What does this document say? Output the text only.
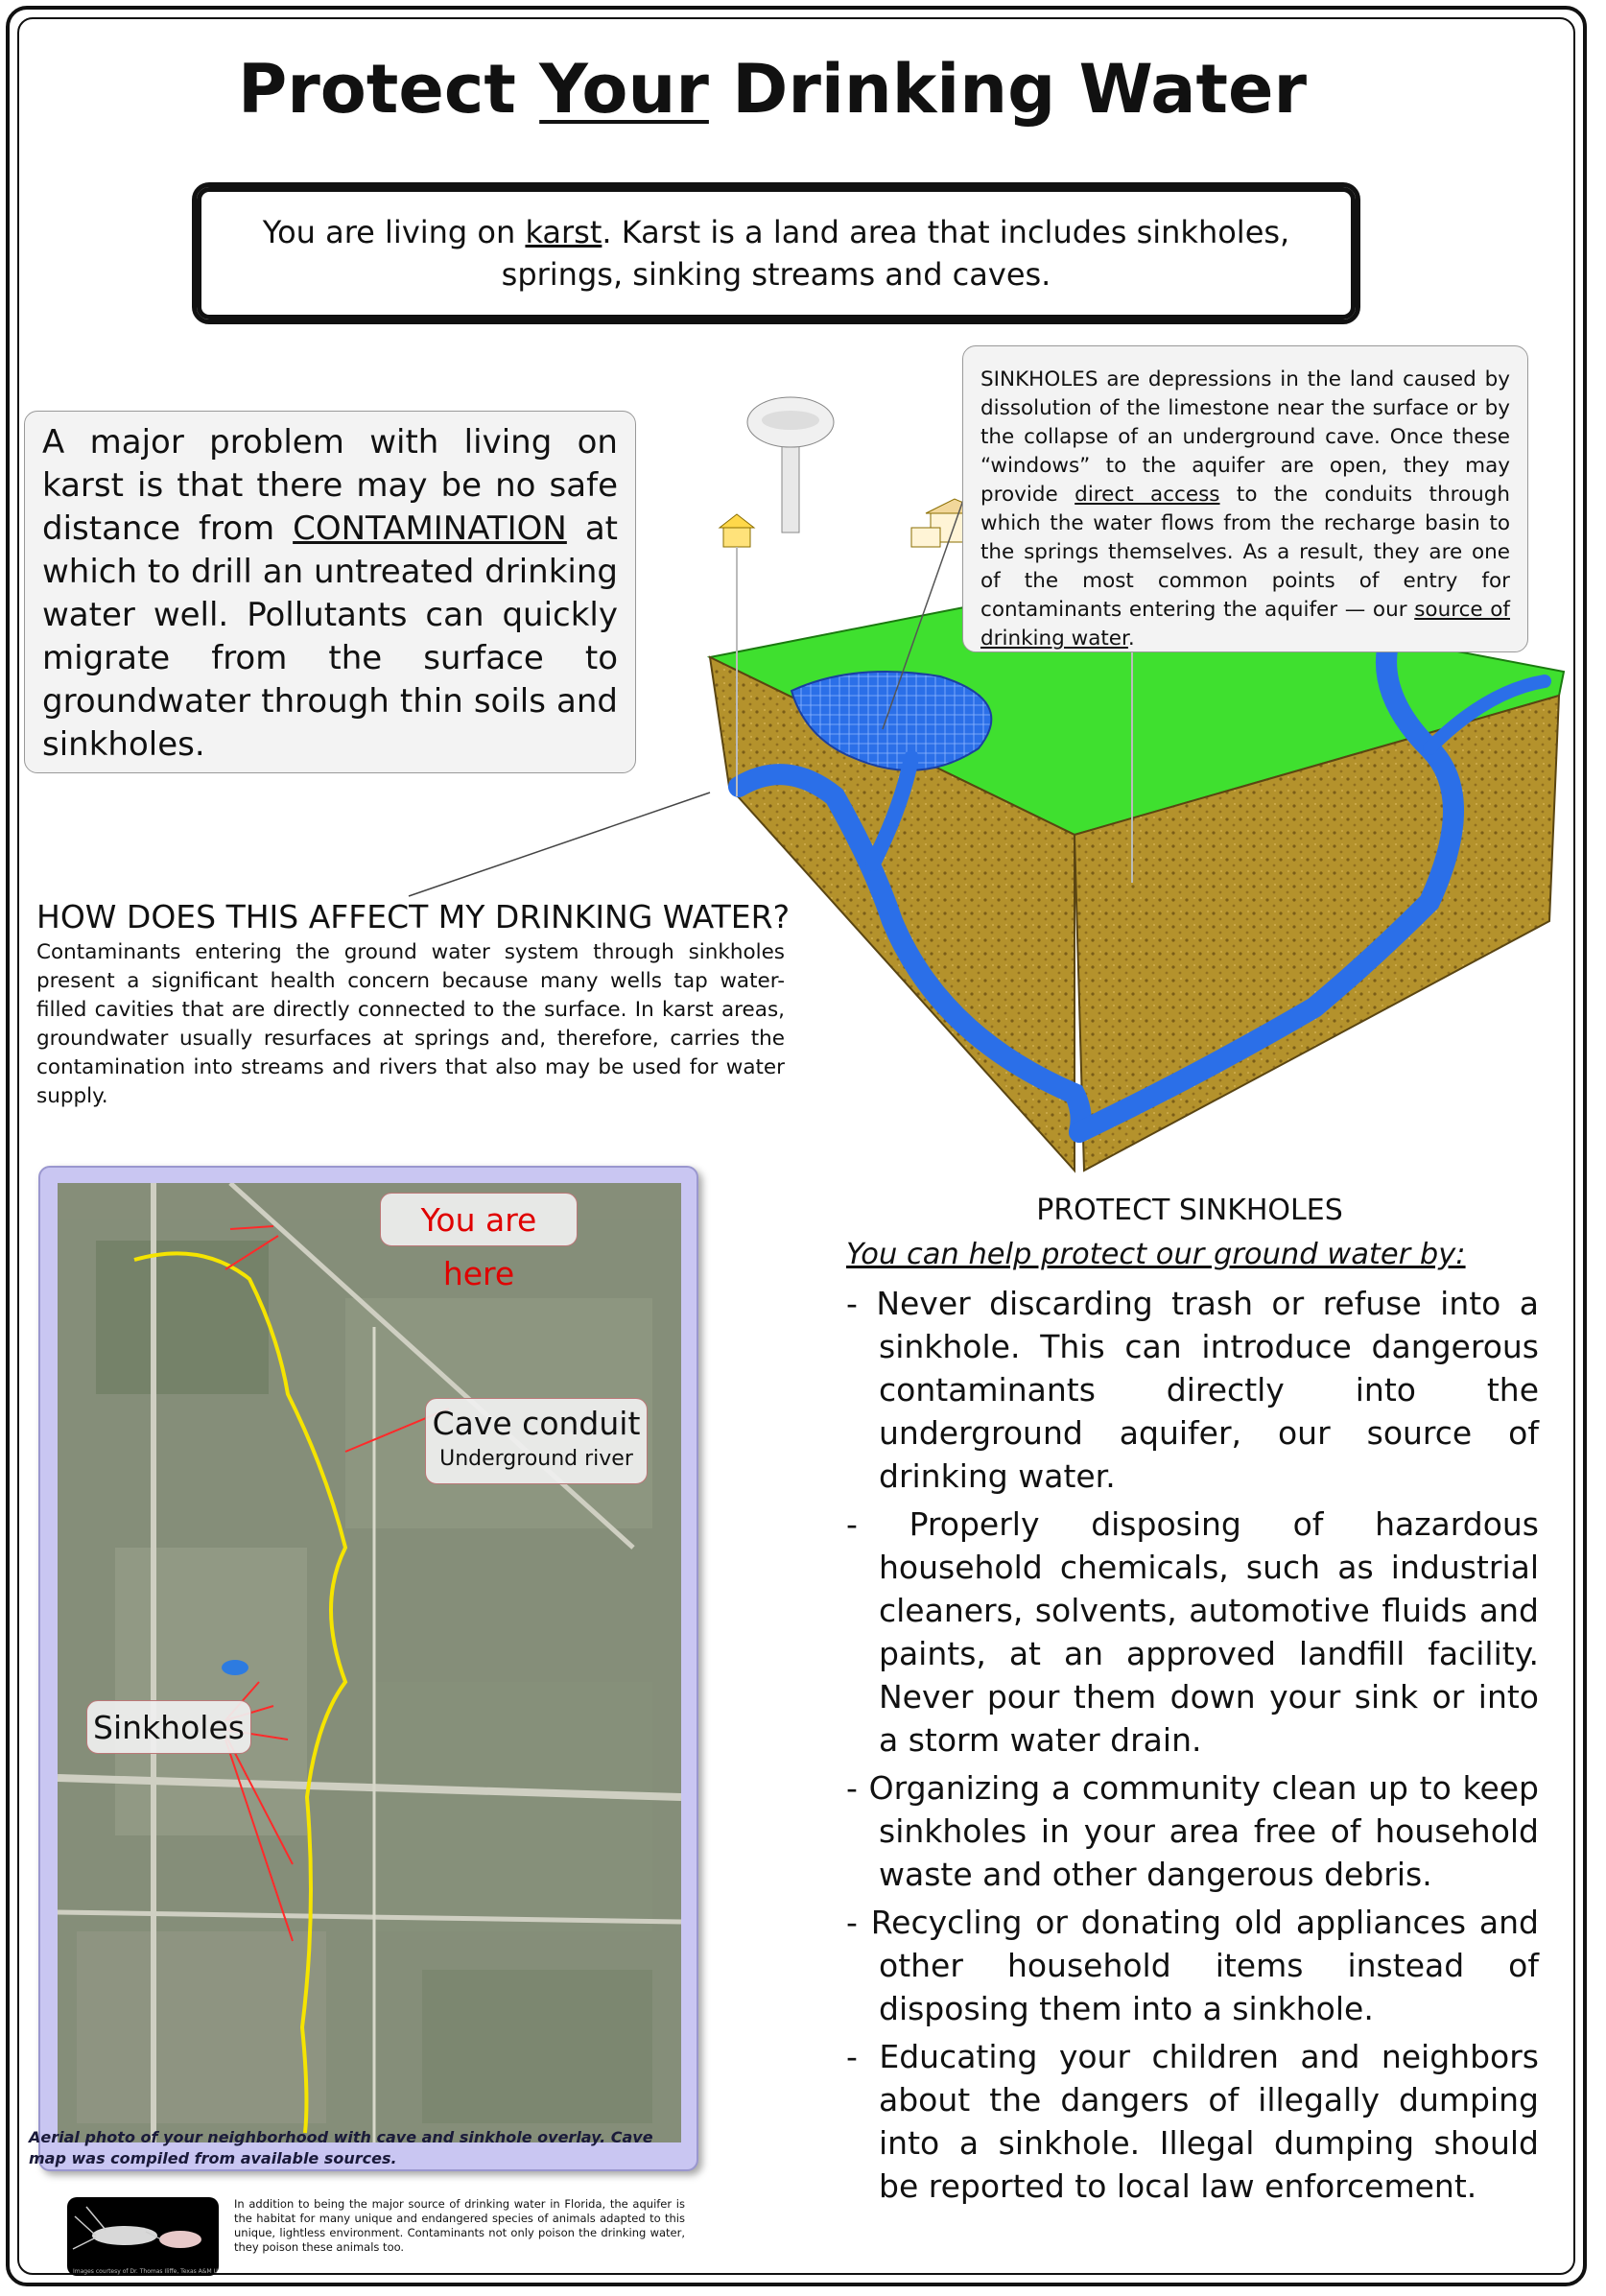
Protect Your Drinking Water
You are living on karst. Karst is a land area that includes sinkholes, springs, sinking streams and caves.
A major problem with living on karst is that there may be no safe distance from CONTAMINATION at which to drill an untreated drinking water well. Pollutants can quickly migrate from the surface to groundwater through thin soils and sinkholes.
SINKHOLES are depressions in the land caused by dissolution of the limestone near the surface or by the collapse of an underground cave. Once these “windows” to the aquifer are open, they may provide direct access to the conduits through which the water flows from the recharge basin to the springs themselves. As a result, they are one of the most common points of entry for contaminants entering the aquifer — our source of drinking water.
HOW DOES THIS AFFECT MY DRINKING WATER?
Contaminants entering the ground water system through sinkholes present a significant health concern because many wells tap water-filled cavities that are directly connected to the surface. In karst areas, groundwater usually resurfaces at springs and, therefore, carries the contamination into streams and rivers that also may be used for water supply.
You are here
Cave conduit
Underground river
Sinkholes
Aerial photo of your neighborhood with cave and sinkhole overlay. Cave map was compiled from available sources.
Images courtesy of Dr. Thomas Iliffe, Texas A&M U
In addition to being the major source of drinking water in Florida, the aquifer is the habitat for many unique and endangered species of animals adapted to this unique, lightless environment. Contaminants not only poison the drinking water, they poison these animals too.
PROTECT SINKHOLES
You can help protect our ground water by:
- Never discarding trash or refuse into a sinkhole. This can introduce dangerous contaminants directly into the underground aquifer, our source of drinking water.
- Properly disposing of hazardous household chemicals, such as industrial cleaners, solvents, automotive fluids and paints, at an approved landfill facility. Never pour them down your sink or into a storm water drain.
- Organizing a community clean up to keep sinkholes in your area free of household waste and other dangerous debris.
- Recycling or donating old appliances and other household items instead of disposing them into a sinkhole.
- Educating your children and neighbors about the dangers of illegally dumping into a sinkhole. Illegal dumping should be reported to local law enforcement.
